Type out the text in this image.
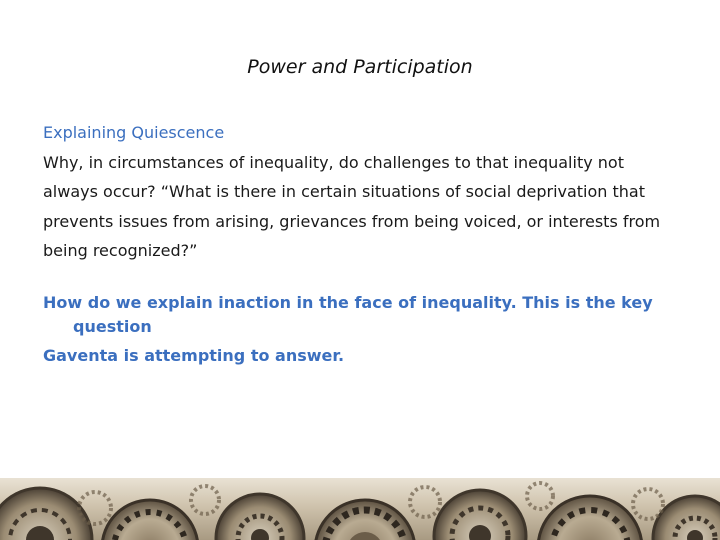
Power and Participation
Explaining Quiescence

Why, in circumstances of inequality, do challenges to that inequality not always occur? “What is there in certain situations of social deprivation that prevents issues from arising, grievances from being voiced, or interests from being recognized?”

How do we explain inaction in the face of inequality. This is the key
question
Gaventa is attempting to answer.
